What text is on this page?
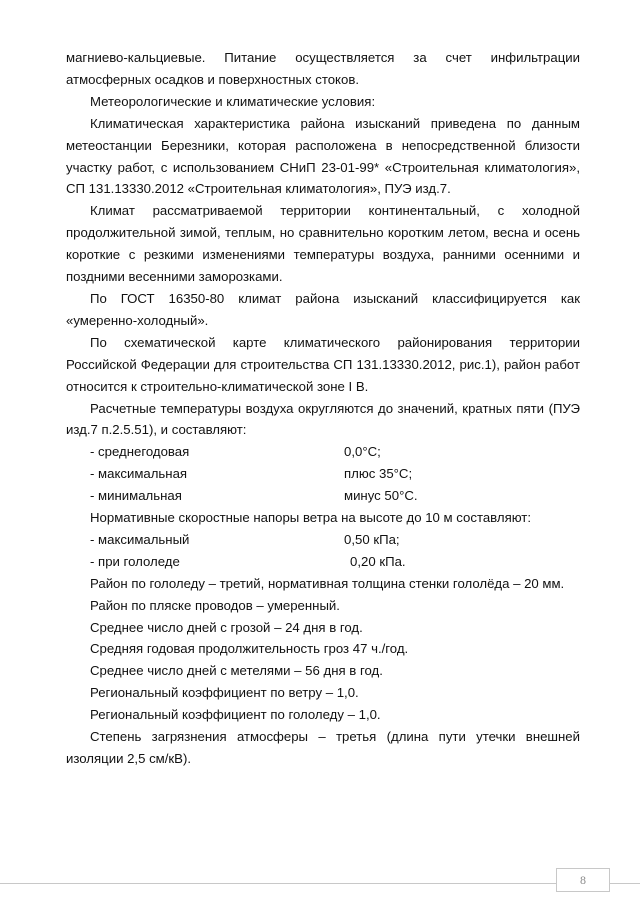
магниево-кальциевые. Питание осуществляется за счет инфильтрации атмосферных осадков и поверхностных стоков.

Метеорологические и климатические условия:

Климатическая характеристика района изысканий приведена по данным метеостанции Березники, которая расположена в непосредственной близости участку работ, с использованием СНиП 23-01-99* «Строительная климатология», СП 131.13330.2012 «Строительная климатология», ПУЭ изд.7.

Климат рассматриваемой территории континентальный, с холодной продолжительной зимой, теплым, но сравнительно коротким летом, весна и осень короткие с резкими изменениями температуры воздуха, ранними осенними и поздними весенними заморозками.

По ГОСТ 16350-80 климат района изысканий классифицируется как «умеренно-холодный».

По схематической карте климатического районирования территории Российской Федерации для строительства СП 131.13330.2012, рис.1), район работ относится к строительно-климатической зоне I В.

Расчетные температуры воздуха округляются до значений, кратных пяти (ПУЭ изд.7 п.2.5.51), и составляют:

- среднегодовая	0,0°С;
- максимальная	плюс 35°С;
- минимальная	минус 50°С.

Нормативные скоростные напоры ветра на высоте до 10 м составляют:

- максимальный	0,50 кПа;
- при гололеде	0,20 кПа.

Район по гололеду – третий, нормативная толщина стенки гололёда – 20 мм.

Район по пляске проводов – умеренный.

Среднее число дней с грозой – 24 дня в год.

Средняя годовая продолжительность гроз 47 ч./год.

Среднее число дней с метелями – 56 дня в год.

Региональный коэффициент по ветру – 1,0.

Региональный коэффициент по гололеду – 1,0.

Степень загрязнения атмосферы – третья (длина пути утечки внешней изоляции 2,5 см/кВ).

8
